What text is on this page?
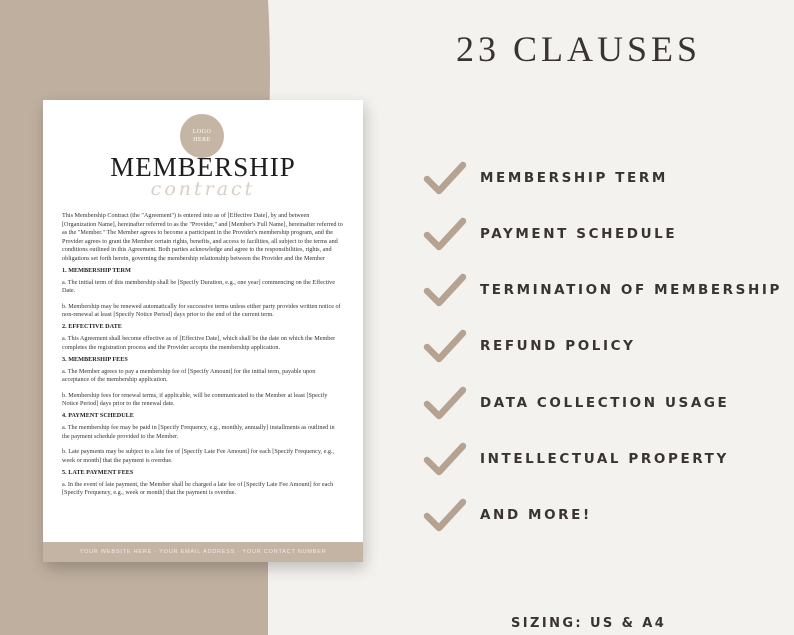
LOGO
HERE
MEMBERSHIP
contract

This Membership Contract (the "Agreement") is entered into as of [Effective Date], by and between [Organization Name], hereinafter referred to as the "Provider," and [Member's Full Name], hereinafter referred to as the "Member." The Member agrees to become a participant in the Provider's membership program, and the Provider agrees to grant the Member certain rights, benefits, and access to facilities, all subject to the terms and conditions outlined in this Agreement. Both parties acknowledge and agree to the responsibilities, rights, and obligations set forth herein, governing the membership relationship between the Provider and the Member

1. MEMBERSHIP TERM

a. The initial term of this membership shall be [Specify Duration, e.g., one year] commencing on the Effective Date.

b. Membership may be renewed automatically for successive terms unless either party provides written notice of non-renewal at least [Specify Notice Period] days prior to the end of the current term.

2. EFFECTIVE DATE

a. This Agreement shall become effective as of [Effective Date], which shall be the date on which the Member completes the registration process and the Provider accepts the membership application.

3. MEMBERSHIP FEES

a. The Member agrees to pay a membership fee of [Specify Amount] for the initial term, payable upon acceptance of the membership application.

b. Membership fees for renewal terms, if applicable, will be communicated to the Member at least [Specify Notice Period] days prior to the renewal date.

4. PAYMENT SCHEDULE

a. The membership fee may be paid in [Specify Frequency, e.g., monthly, annually] installments as outlined in the payment schedule provided to the Member.

b. Late payments may be subject to a late fee of [Specify Late Fee Amount] for each [Specify Frequency, e.g., week or month] that the payment is overdue.

5. LATE PAYMENT FEES

a. In the event of late payment, the Member shall be charged a late fee of [Specify Late Fee Amount] for each [Specify Frequency, e.g., week or month] that the payment is overdue.

YOUR WEBSITE HERE · YOUR EMAIL ADDRESS · YOUR CONTACT NUMBER
23 CLAUSES
MEMBERSHIP TERM
PAYMENT SCHEDULE
TERMINATION OF MEMBERSHIP
REFUND POLICY
DATA COLLECTION USAGE
INTELLECTUAL PROPERTY
AND MORE!
SIZING: US & A4
